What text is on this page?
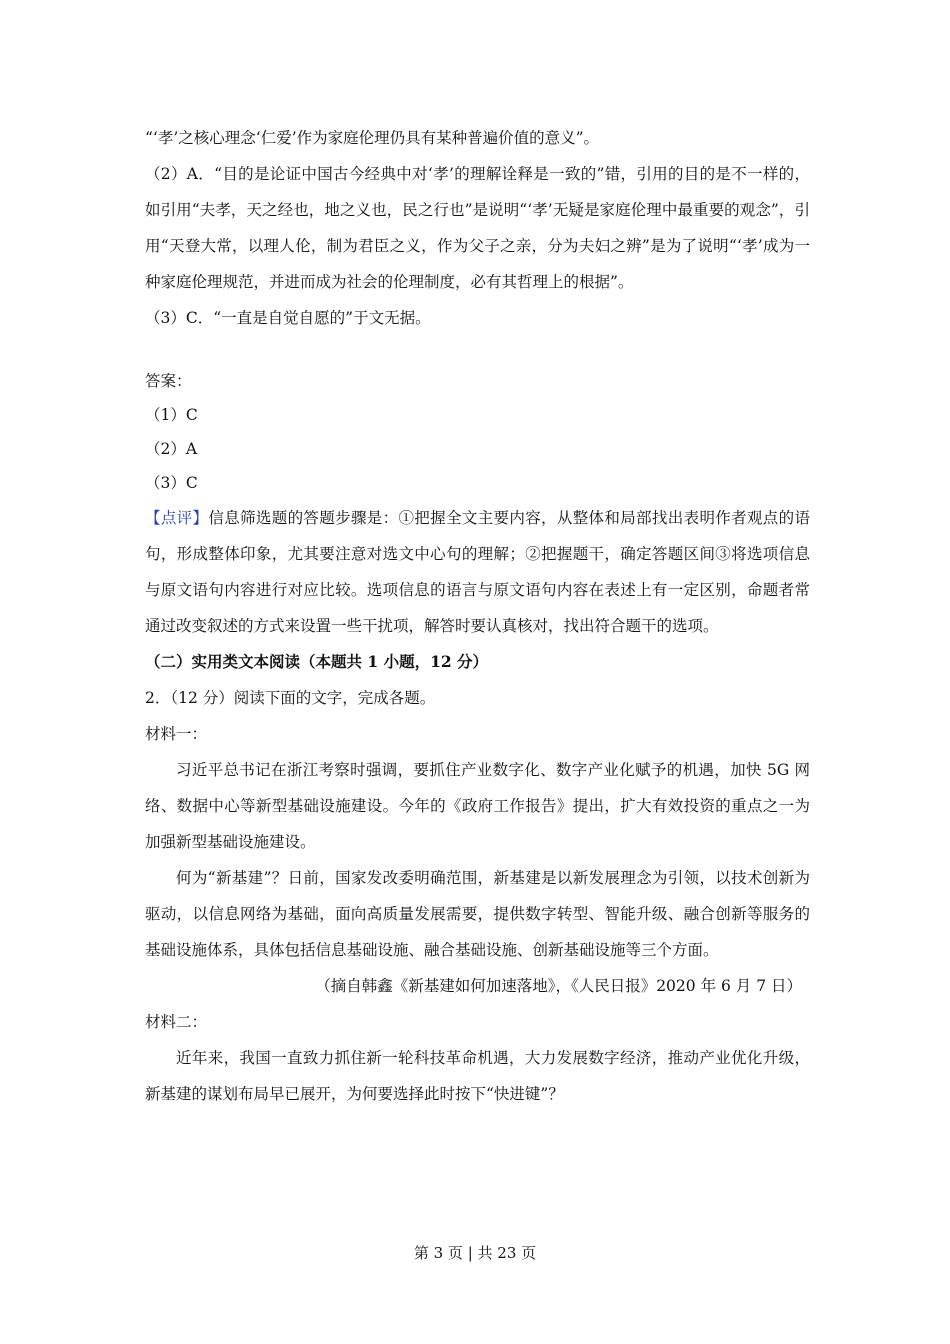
“‘孝’之核心理念‘仁爱’作为家庭伦理仍具有某种普遍价值的意义”。

（2）A．“目的是论证中国古今经典中对‘孝’的理解诠释是一致的”错，引用的目的是不一样的，如引用“夫孝，天之经也，地之义也，民之行也”是说明“‘孝’无疑是家庭伦理中最重要的观念”，引用“天登大常，以理人伦，制为君臣之义，作为父子之亲，分为夫妇之辨”是为了说明“‘孝’成为一种家庭伦理规范，并进而成为社会的伦理制度，必有其哲理上的根据”。

（3）C．“一直是自觉自愿的”于文无据。

答案：

（1）C

（2）A

（3）C

【点评】信息筛选题的答题步骤是：①把握全文主要内容，从整体和局部找出表明作者观点的语句，形成整体印象，尤其要注意对选文中心句的理解；②把握题干，确定答题区间③将选项信息与原文语句内容进行对应比较。选项信息的语言与原文语句内容在表述上有一定区别，命题者常通过改变叙述的方式来设置一些干扰项，解答时要认真核对，找出符合题干的选项。

（二）实用类文本阅读（本题共 1 小题，12 分）

2．（12 分）阅读下面的文字，完成各题。

材料一：

习近平总书记在浙江考察时强调，要抓住产业数字化、数字产业化赋予的机遇，加快 5G 网络、数据中心等新型基础设施建设。今年的《政府工作报告》提出，扩大有效投资的重点之一为加强新型基础设施建设。

何为“新基建”？日前，国家发改委明确范围，新基建是以新发展理念为引领，以技术创新为驱动，以信息网络为基础，面向高质量发展需要，提供数字转型、智能升级、融合创新等服务的基础设施体系，具体包括信息基础设施、融合基础设施、创新基础设施等三个方面。

（摘自韩鑫《新基建如何加速落地》，《人民日报》2020 年 6 月 7 日）

材料二：

近年来，我国一直致力抓住新一轮科技革命机遇，大力发展数字经济，推动产业优化升级，新基建的谋划布局早已展开，为何要选择此时按下“快进键”？

第 3 页 | 共 23 页
